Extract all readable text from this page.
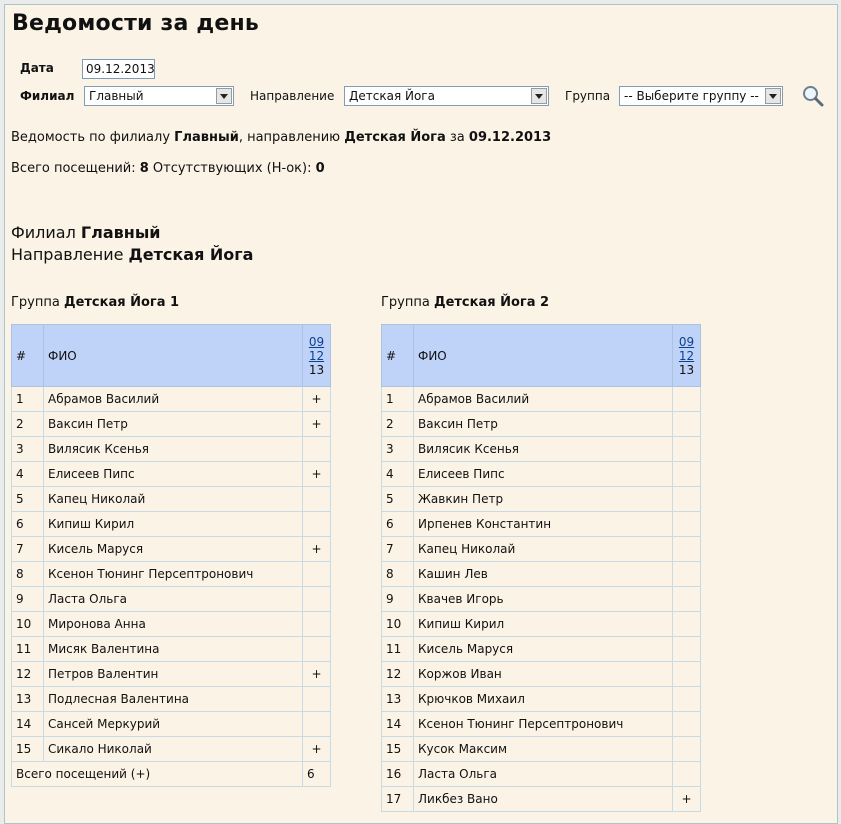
Ведомости за день
Дата	09.12.2013
Филиал	Главный	Направление	Детская Йога	Группа	-- Выберите группу --
Ведомость по филиалу Главный, направлению Детская Йога за 09.12.2013
Всего посещений: 8 Отсутствующих (Н-ок): 0
Филиал Главный
Направление Детская Йога
Группа Детская Йога 1
#	ФИО	09
12
13
1	Абрамов Василий	+
2	Ваксин Петр	+
3	Вилясик Ксенья	
4	Елисеев Пипс	+
5	Капец Николай	
6	Кипиш Кирил	
7	Кисель Маруся	+
8	Ксенон Тюнинг Персептронович	
9	Ласта Ольга	
10	Миронова Анна	
11	Мисяк Валентина	
12	Петров Валентин	+
13	Подлесная Валентина	
14	Сансей Меркурий	
15	Сикало Николай	+
Всего посещений (+)		6
Группа Детская Йога 2
#	ФИО	09
12
13
1	Абрамов Василий	
2	Ваксин Петр	
3	Вилясик Ксенья	
4	Елисеев Пипс	
5	Жавкин Петр	
6	Ирпенев Константин	
7	Капец Николай	
8	Кашин Лев	
9	Квачев Игорь	
10	Кипиш Кирил	
11	Кисель Маруся	
12	Коржов Иван	
13	Крючков Михаил	
14	Ксенон Тюнинг Персептронович	
15	Кусок Максим	
16	Ласта Ольга	
17	Ликбез Вано	+
